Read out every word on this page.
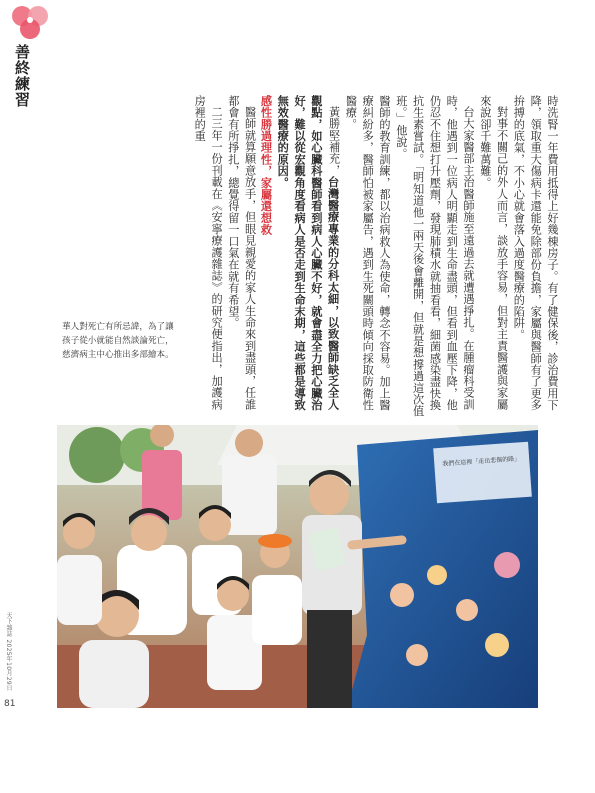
善終練習

時洗腎一年費用抵得上好幾棟房子。有了健保後，診治費用下降，領取重大傷病卡還能免除部份負擔，家屬與醫師有了更多拚搏的底氣，不小心就會落入過度醫療的陷阱。

對事不關己的外人而言，談放手容易，但對主責醫護與家屬來說卻千難萬難。

台大家醫部主治醫師施至遠過去就遭遇掙扎。在腫瘤科受訓時，他遇到一位病人明顯走到生命盡頭，但看到血壓下降，他仍忍不住想打升壓劑，發現肺積水就抽看看，細菌感染盡快換抗生素嘗試。「明知道他一兩天後會離開，但就是想撐過這次值班。」他說。

醫師的教育訓練，都以治病救人為使命，轉念不容易。加上醫療糾紛多，醫師怕被家屬告，遇到生死關頭時傾向採取防衛性醫療。

黃勝堅補充，台灣醫療專業的分科太細，以致醫師缺乏全人觀點，如心臟科醫師看到病人心臟不好，就會盡全力把心臟治好，難以從宏觀角度看病人是否走到生命末期，這些都是導致無效醫療的原因。

感性勝過理性，家屬還想救

醫師就算願意放手，但眼見親愛的家人生命來到盡頭，任誰都會有所掙扎，總覺得留一口氣在就有希望。

二三年一份刊載在《安寧療護雜誌》的研究便指出，加護病房裡的重

華人對死亡有所忌諱，為了讓孩子從小就能自然談論死亡，慈濟病主中心推出多部繪本。

我們在這裡「走出悲傷的路」
天下雜誌 2025年10月29日
81
